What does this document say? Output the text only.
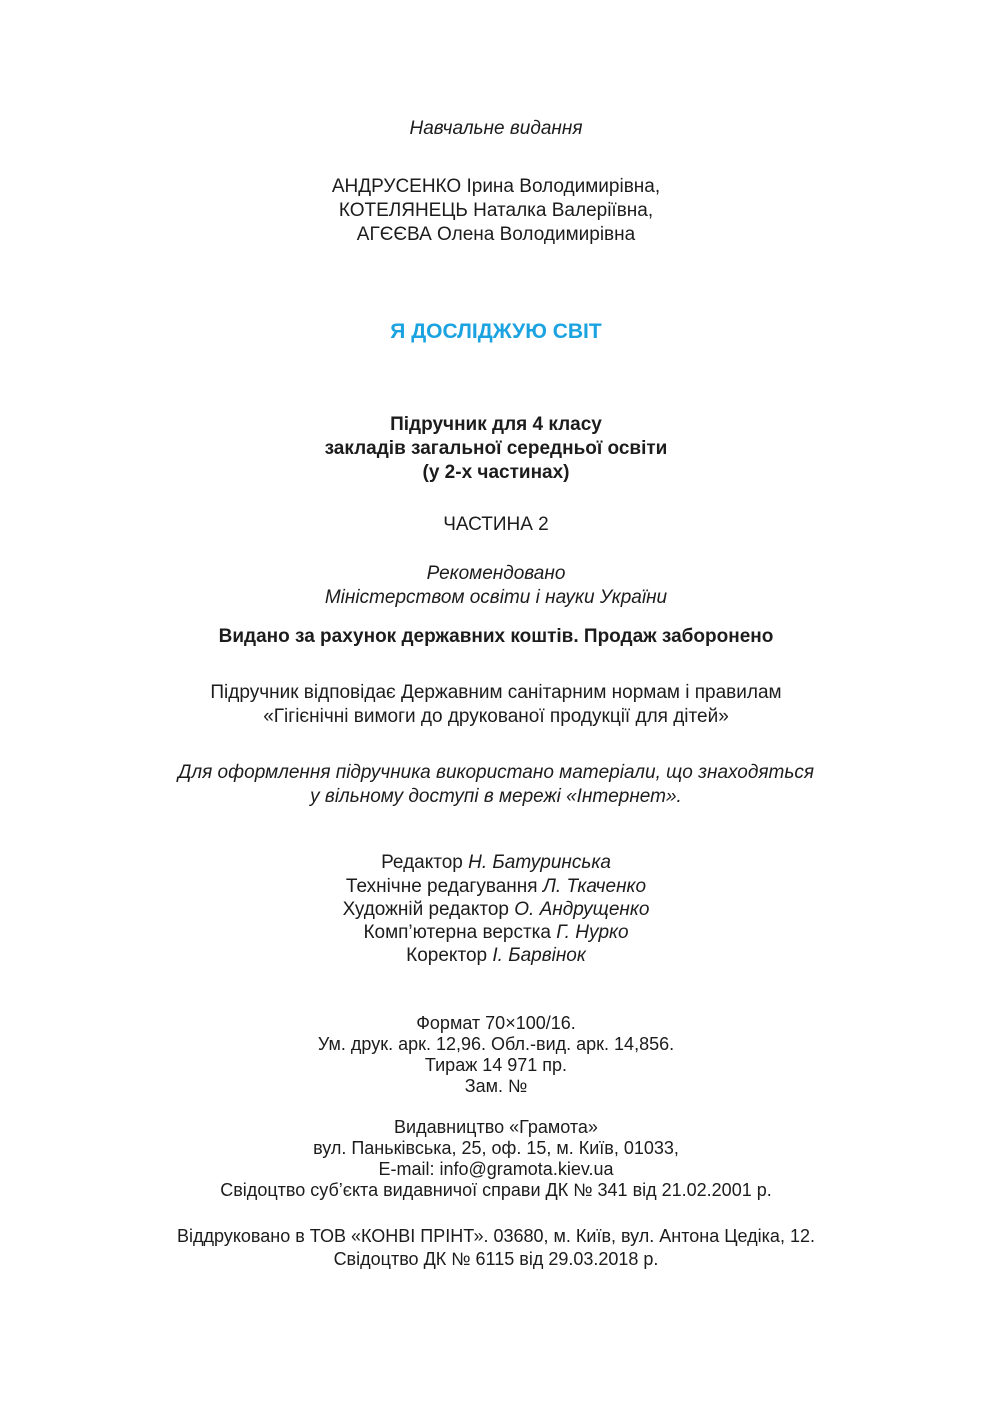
Навчальне видання
АНДРУСЕНКО Ірина Володимирівна,
КОТЕЛЯНЕЦЬ Наталка Валеріївна,
АГЄЄВА Олена Володимирівна
Я ДОСЛІДЖУЮ СВІТ
Підручник для 4 класу
закладів загальної середньої освіти
(у 2-х частинах)
ЧАСТИНА 2
Рекомендовано
Міністерством освіти і науки України
Видано за рахунок державних коштів. Продаж заборонено
Підручник відповідає Державним санітарним нормам і правилам
«Гігієнічні вимоги до друкованої продукції для дітей»
Для оформлення підручника використано матеріали, що знаходяться
у вільному доступі в мережі «Інтернет».
Редактор Н. Батуринська
Технічне редагування Л. Ткаченко
Художній редактор О. Андрущенко
Комп’ютерна верстка Г. Нурко
Коректор І. Барвінок
Формат 70×100/16.
Ум. друк. арк. 12,96. Обл.-вид. арк. 14,856.
Тираж 14 971 пр.
Зам. №
Видавництво «Грамота»
вул. Паньківська, 25, оф. 15, м. Київ, 01033,
E-mail: info@gramota.kiev.ua
Свідоцтво суб’єкта видавничої справи ДК № 341 від 21.02.2001 р.
Віддруковано в ТОВ «КОНВІ ПРІНТ». 03680, м. Київ, вул. Антона Цедіка, 12.
Свідоцтво ДК № 6115 від 29.03.2018 р.
